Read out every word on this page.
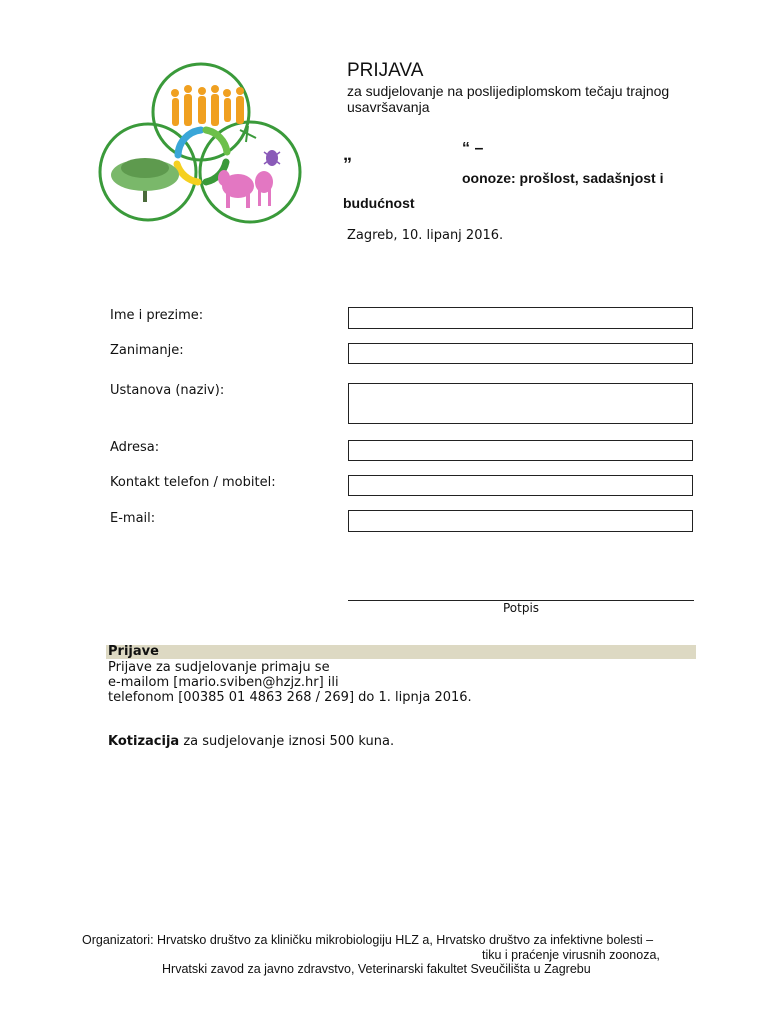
PRIJAVA
za sudjelovanje na poslijediplomskom tečaju trajnog usavršavanja
„	“ –
oonoze: prošlost, sadašnjost i
budućnost
Zagreb, 10. lipanj 2016.
Ime i prezime:
Zanimanje:
Ustanova (naziv):
Adresa:
Kontakt telefon / mobitel:
E-mail:
Potpis
Prijave
Prijave za sudjelovanje primaju se
e-mailom [mario.sviben@hzjz.hr] ili
telefonom [00385 01 4863 268 / 269] do 1. lipnja 2016.
Kotizacija za sudjelovanje iznosi 500 kuna.
Organizatori: Hrvatsko društvo za kliničku mikrobiologiju HLZ a, Hrvatsko društvo za infektivne bolesti –
tiku i praćenje virusnih zoonoza,
Hrvatski zavod za javno zdravstvo, Veterinarski fakultet Sveučilišta u Zagrebu
